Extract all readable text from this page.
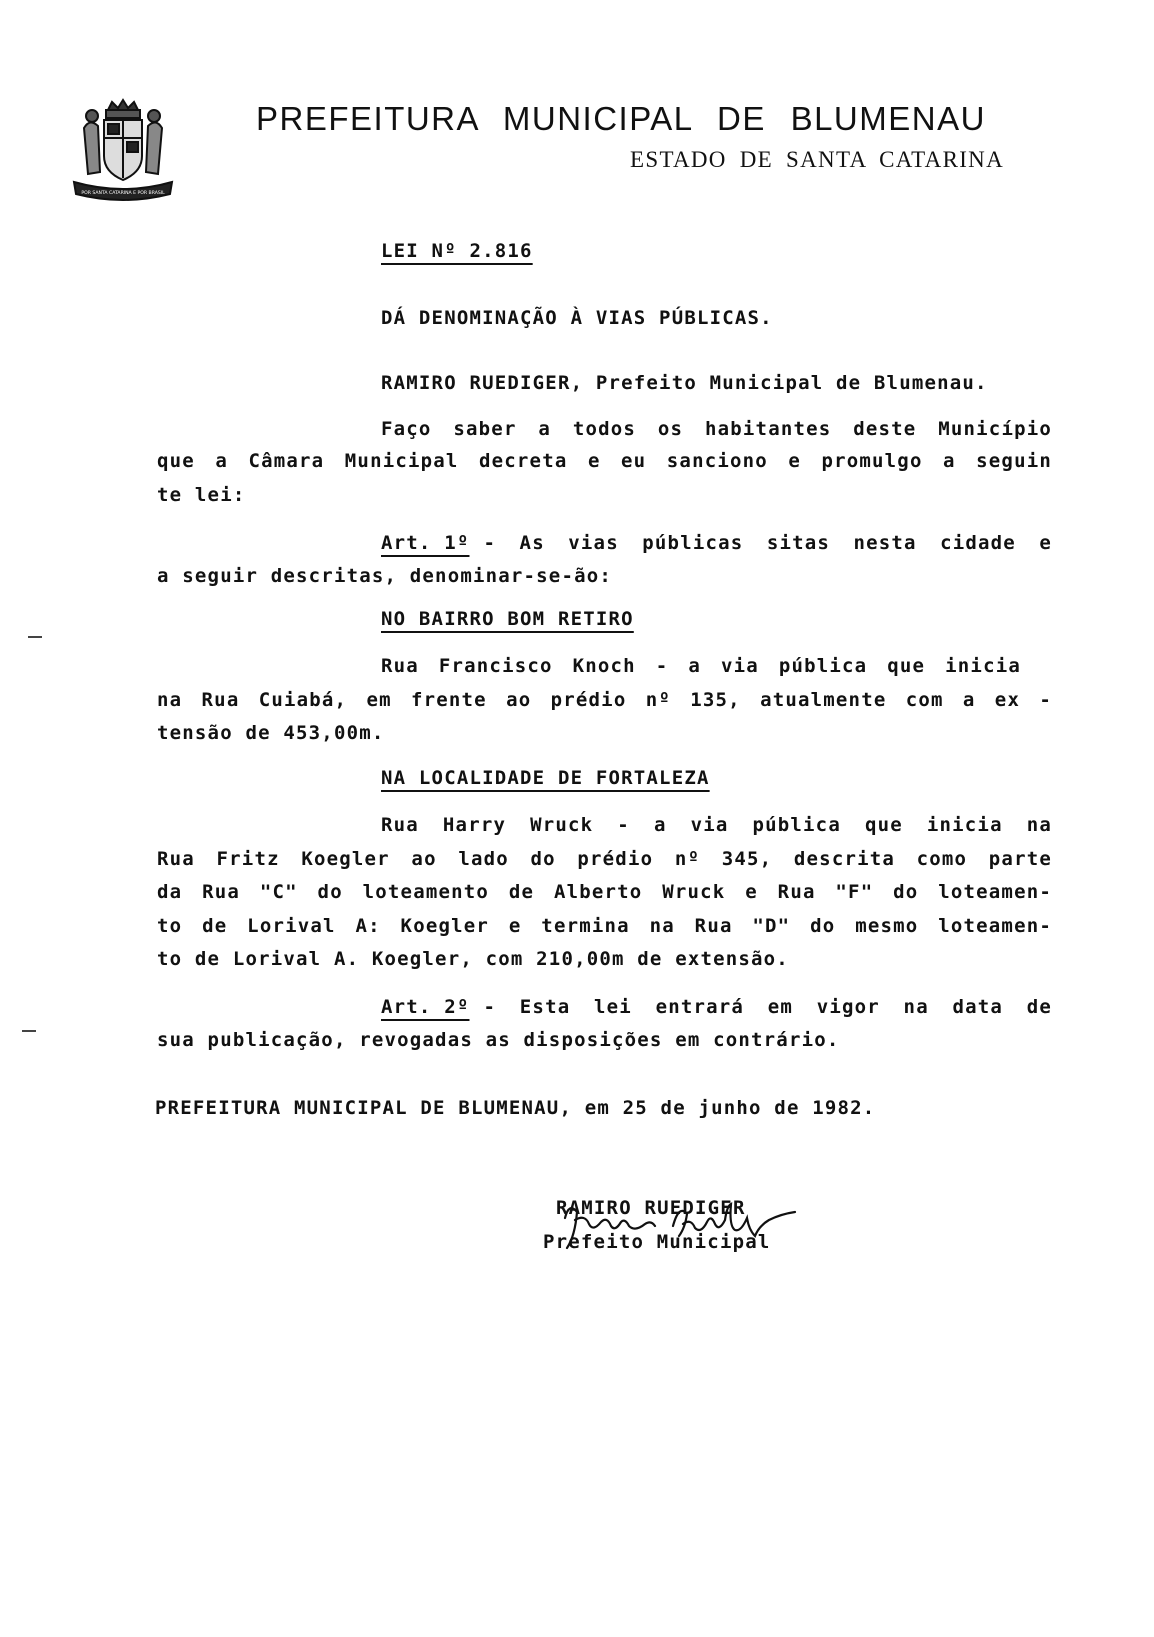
POR SANTA CATARINA E POR BRASIL
PREFEITURA MUNICIPAL DE BLUMENAU
ESTADO DE SANTA CATARINA
LEI Nº 2.816
DÁ DENOMINAÇÃO À VIAS PÚBLICAS.
RAMIRO RUEDIGER, Prefeito Municipal de Blumenau.
Faço saber a todos os habitantes deste Município
que a Câmara Municipal decreta e eu sanciono e promulgo a seguin
te lei:
Art. 1º - As vias públicas sitas nesta cidade e
a seguir descritas, denominar-se-ão:
NO BAIRRO BOM RETIRO
Rua Francisco Knoch - a via pública que inicia
na Rua Cuiabá, em frente ao prédio nº 135, atualmente com a ex -
tensão de 453,00m.
NA LOCALIDADE DE FORTALEZA
Rua Harry Wruck - a via pública que inicia na
Rua Fritz Koegler ao lado do prédio nº 345, descrita como parte
da Rua "C" do loteamento de Alberto Wruck e Rua "F" do loteamen-
to de Lorival A: Koegler e termina na Rua "D" do mesmo loteamen-
to de Lorival A. Koegler, com 210,00m de extensão.
Art. 2º - Esta lei entrará em vigor na data de
sua publicação, revogadas as disposições em contrário.
PREFEITURA MUNICIPAL DE BLUMENAU, em 25 de junho de 1982.
RAMIRO RUEDIGER
Prefeito Municipal
